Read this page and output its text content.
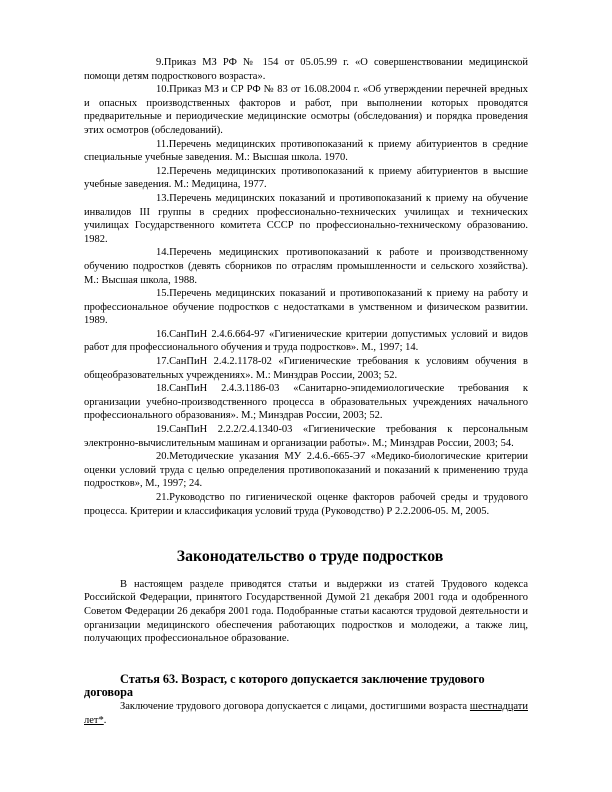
9.Приказ МЗ РФ № 154 от 05.05.99 г. «О совершенствовании медицинской помощи детям подросткового возраста».

10.Приказ МЗ и СР РФ № 83 от 16.08.2004 г. «Об утверждении перечней вредных и опасных производственных факторов и работ, при выполнении которых проводятся предварительные и периодические медицинские осмотры (обследования) и порядка проведения этих осмотров (обследований).

11.Перечень медицинских противопоказаний к приему абитуриентов в средние специальные учебные заведения. М.: Высшая школа. 1970.

12.Перечень медицинских противопоказаний к приему абитуриентов в высшие учебные заведения. М.: Медицина, 1977.

13.Перечень медицинских показаний и противопоказаний к приему на обучение инвалидов III группы в средних профессионально-технических училищах и технических училищах Государственного комитета СССР по профессионально-техническому образованию. 1982.

14.Перечень медицинских противопоказаний к работе и производственному обучению подростков (девять сборников по отраслям промышленности и сельского хозяйства). М.: Высшая школа, 1988.

15.Перечень медицинских показаний и противопоказаний к приему на работу и профессиональное обучение подростков с недостатками в умственном и физическом развитии. 1989.

16.СанПиН 2.4.6.664-97 «Гигиенические критерии допустимых условий и видов работ для профессионального обучения и труда подростков». М., 1997; 14.

17.СанПиН 2.4.2.1178-02 «Гигиенические требования к условиям обучения в общеобразовательных учреждениях». М.: Минздрав России, 2003; 52.

18.СанПиН 2.4.3.1186-03 «Санитарно-эпидемиологические требования к организации учебно-производственного процесса в образовательных учреждениях начального профессионального образования». М.; Минздрав России, 2003; 52.

19.СанПиН 2.2.2/2.4.1340-03 «Гигиенические требования к персональным электронно-вычислительным машинам и организации работы». М.; Минздрав России, 2003; 54.

20.Методические указания МУ 2.4.6.-665-Э7 «Медико-биологические критерии оценки условий труда с целью определения противопоказаний и показаний к применению труда подростков», М., 1997; 24.

21.Руководство по гигиенической оценке факторов рабочей среды и трудового процесса. Критерии и классификация условий труда (Руководство) Р 2.2.2006-05. М, 2005.

Законодательство о труде подростков

В настоящем разделе приводятся статьи и выдержки из статей Трудового кодекса Российской Федерации, принятого Государственной Думой 21 декабря 2001 года и одобренного Советом Федерации 26 декабря 2001 года. Подобранные статьи касаются трудовой деятельности и организации медицинского обеспечения работающих подростков и молодежи, а также лиц, получающих профессиональное образование.

Статья 63. Возраст, с которого допускается заключение трудового договора

Заключение трудового договора допускается с лицами, достигшими возраста шестнадцати лет*.
